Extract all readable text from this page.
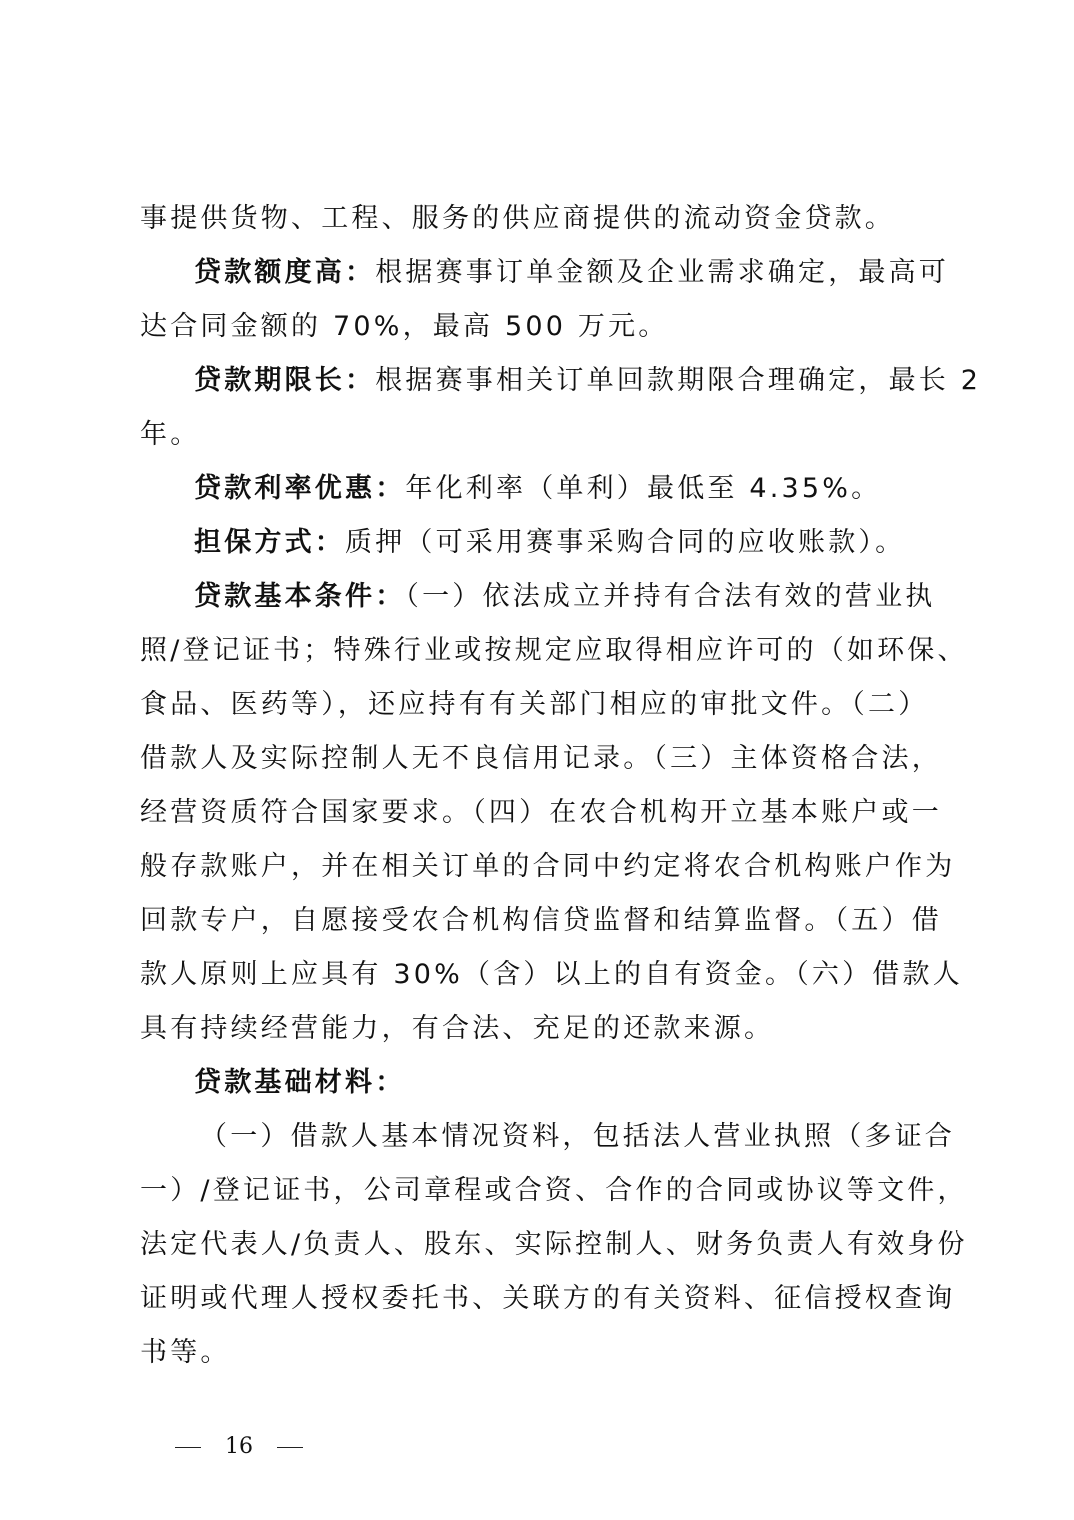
事提供货物、工程、服务的供应商提供的流动资金贷款。
贷款额度高：根据赛事订单金额及企业需求确定，最高可
达合同金额的 70%，最高 500 万元。
贷款期限长：根据赛事相关订单回款期限合理确定，最长 2
年。
贷款利率优惠：年化利率（单利）最低至 4.35%。
担保方式：质押（可采用赛事采购合同的应收账款）。
贷款基本条件：（一）依法成立并持有合法有效的营业执
照/登记证书；特殊行业或按规定应取得相应许可的（如环保、
食品、医药等），还应持有有关部门相应的审批文件。（二）
借款人及实际控制人无不良信用记录。（三）主体资格合法，
经营资质符合国家要求。（四）在农合机构开立基本账户或一
般存款账户，并在相关订单的合同中约定将农合机构账户作为
回款专户，自愿接受农合机构信贷监督和结算监督。（五）借
款人原则上应具有 30%（含）以上的自有资金。（六）借款人
具有持续经营能力，有合法、充足的还款来源。
贷款基础材料：
（一）借款人基本情况资料，包括法人营业执照（多证合
一）/登记证书，公司章程或合资、合作的合同或协议等文件，
法定代表人/负责人、股东、实际控制人、财务负责人有效身份
证明或代理人授权委托书、关联方的有关资料、征信授权查询
书等。
16
